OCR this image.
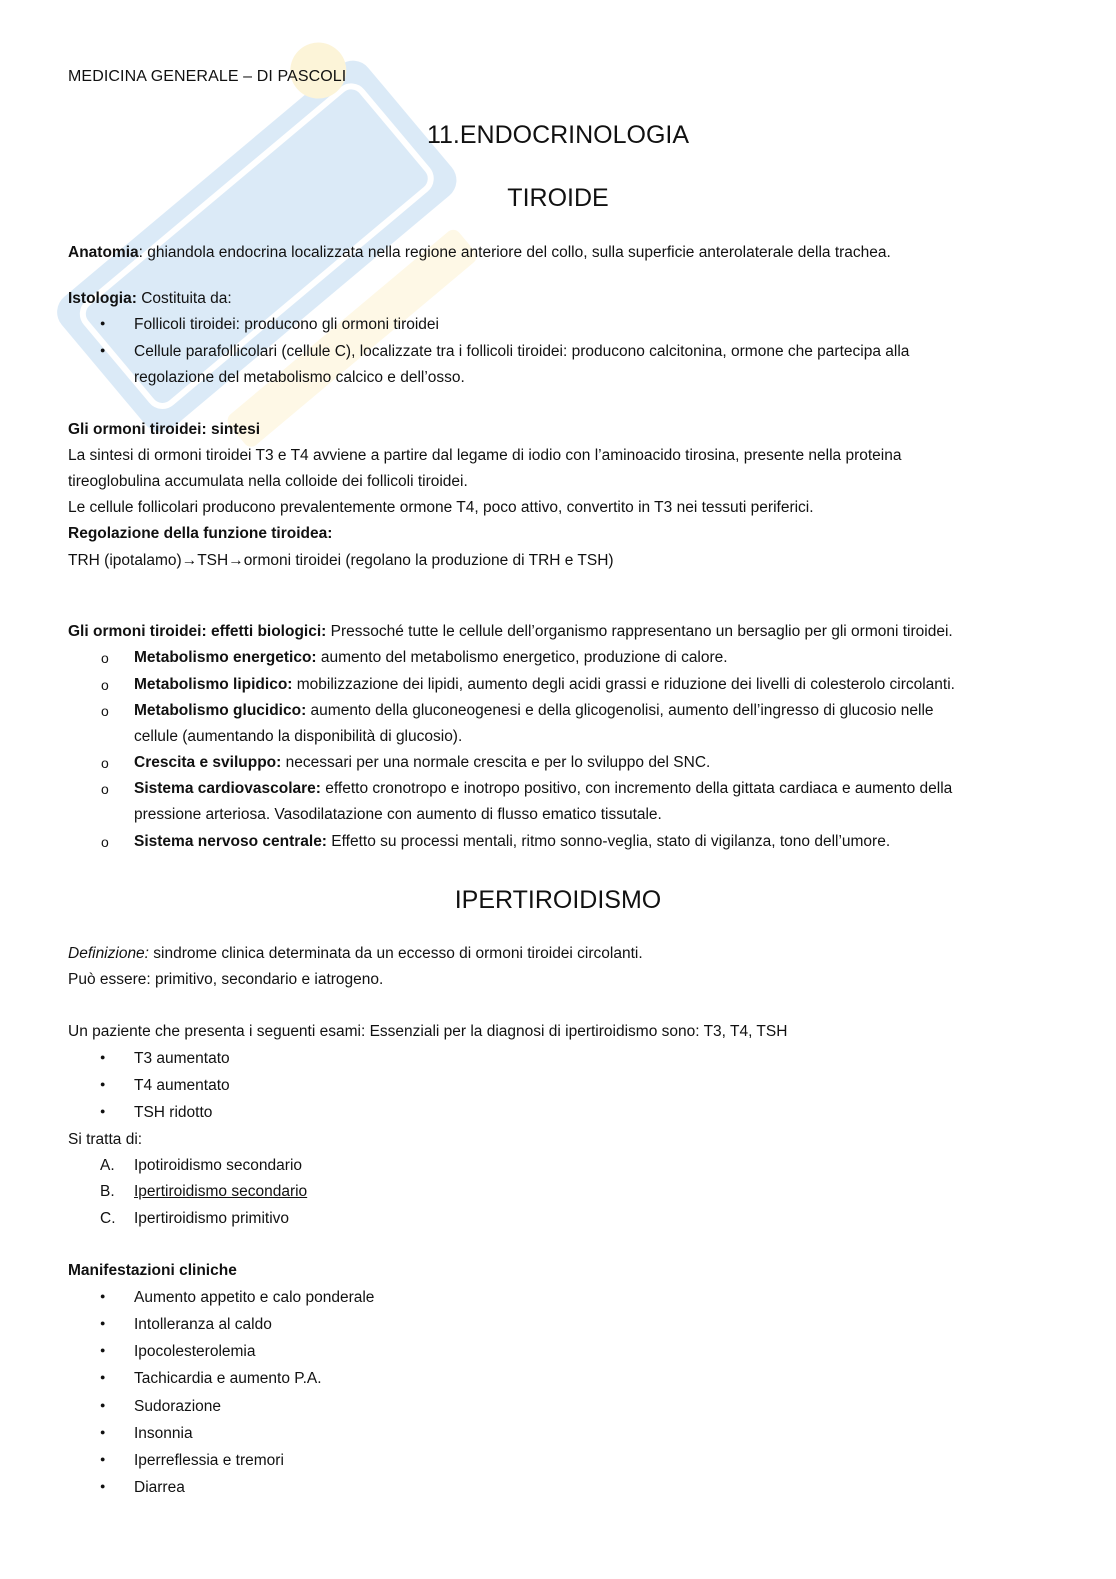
MEDICINA GENERALE – DI PASCOLI
11.ENDOCRINOLOGIA
TIROIDE
Anatomia: ghiandola endocrina localizzata nella regione anteriore del collo, sulla superficie anterolaterale della trachea.
Istologia: Costituita da:
●
Follicoli tiroidei: producono gli ormoni tiroidei
●
Cellule parafollicolari (cellule C), localizzate tra i follicoli tiroidei: producono calcitonina, ormone che partecipa alla
regolazione del metabolismo calcico e dell’osso.
Gli ormoni tiroidei: sintesi
La sintesi di ormoni tiroidei T3 e T4 avviene a partire dal legame di iodio con l’aminoacido tirosina, presente nella proteina
tireoglobulina accumulata nella colloide dei follicoli tiroidei.
Le cellule follicolari producono prevalentemente ormone T4, poco attivo, convertito in T3 nei tessuti periferici.
Regolazione della funzione tiroidea:
TRH (ipotalamo)→TSH→ormoni tiroidei (regolano la produzione di TRH e TSH)
Gli ormoni tiroidei: effetti biologici: Pressoché tutte le cellule dell’organismo rappresentano un bersaglio per gli ormoni tiroidei.
o Metabolismo energetico: aumento del metabolismo energetico, produzione di calore.
o Metabolismo lipidico: mobilizzazione dei lipidi, aumento degli acidi grassi e riduzione dei livelli di colesterolo circolanti.
o Metabolismo glucidico: aumento della gluconeogenesi e della glicogenolisi, aumento dell’ingresso di glucosio nelle
cellule (aumentando la disponibilità di glucosio).
o Crescita e sviluppo: necessari per una normale crescita e per lo sviluppo del SNC.
o Sistema cardiovascolare: effetto cronotropo e inotropo positivo, con incremento della gittata cardiaca e aumento della
pressione arteriosa. Vasodilatazione con aumento di flusso ematico tissutale.
o Sistema nervoso centrale: Effetto su processi mentali, ritmo sonno-veglia, stato di vigilanza, tono dell’umore.
IPERTIROIDISMO
Definizione: sindrome clinica determinata da un eccesso di ormoni tiroidei circolanti.
Può essere: primitivo, secondario e iatrogeno.
Un paziente che presenta i seguenti esami: Essenziali per la diagnosi di ipertiroidismo sono: T3, T4, TSH
●
T3 aumentato
●
T4 aumentato
●
TSH ridotto
Si tratta di:
A. Ipotiroidismo secondario
B. Ipertiroidismo secondario
C. Ipertiroidismo primitivo
Manifestazioni cliniche
●
Aumento appetito e calo ponderale
●
Intolleranza al caldo
●
Ipocolesterolemia
●
Tachicardia e aumento P.A.
●
Sudorazione
●
Insonnia
●
Iperreflessia e tremori
●
Diarrea
